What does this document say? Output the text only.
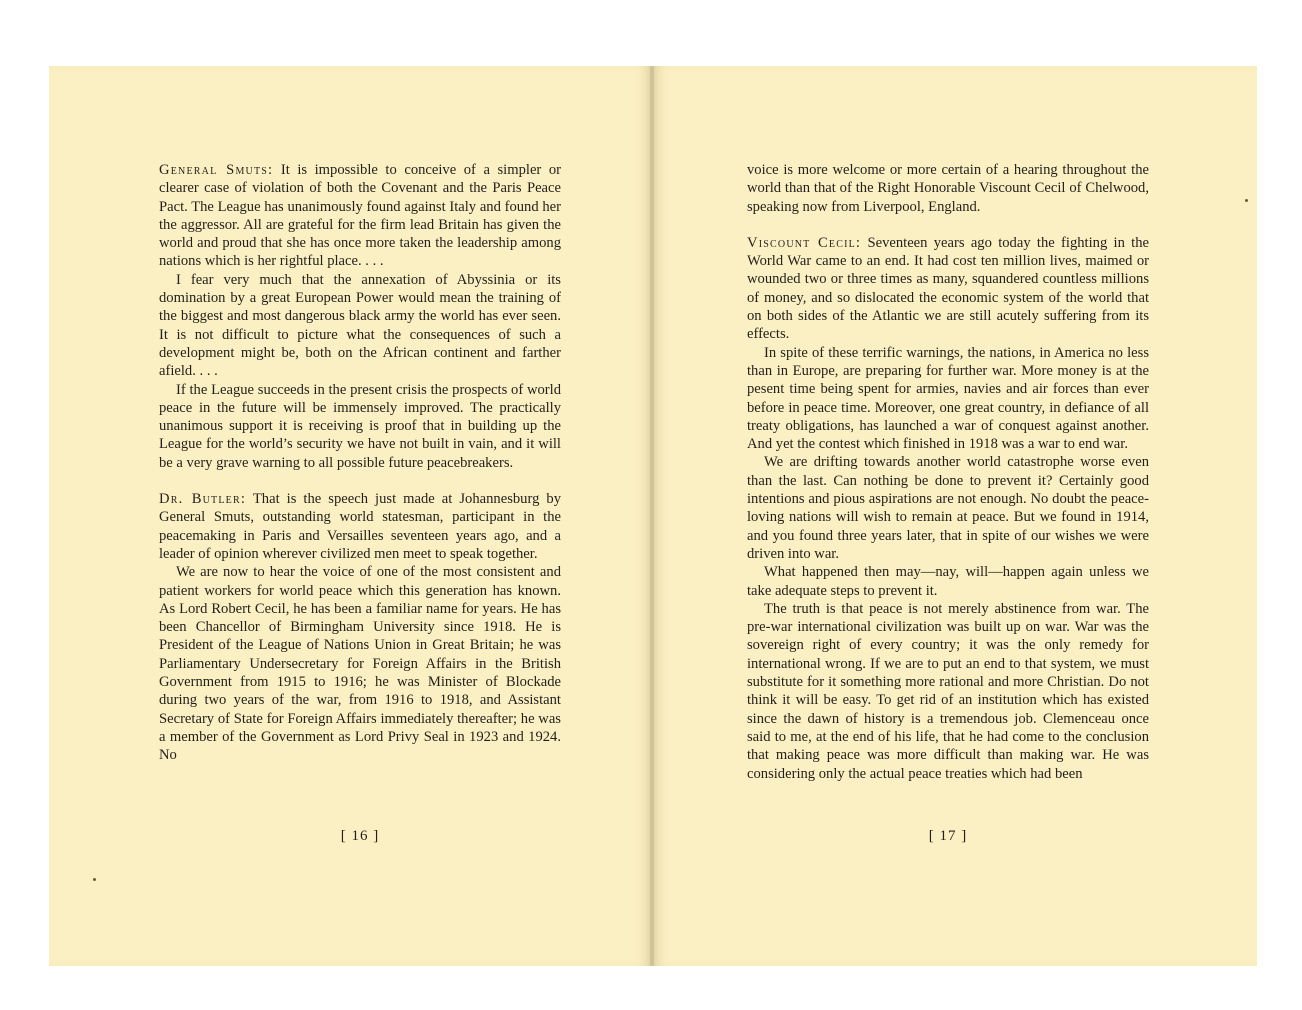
General Smuts: It is impossible to conceive of a simpler or clearer case of violation of both the Covenant and the Paris Peace Pact. The League has unanimously found against Italy and found her the aggressor. All are grateful for the firm lead Britain has given the world and proud that she has once more taken the leadership among nations which is her rightful place. . . .

I fear very much that the annexation of Abyssinia or its domination by a great European Power would mean the training of the biggest and most dangerous black army the world has ever seen. It is not difficult to picture what the consequences of such a development might be, both on the African continent and farther afield. . . .

If the League succeeds in the present crisis the prospects of world peace in the future will be immensely improved. The practically unanimous support it is receiving is proof that in building up the League for the world’s security we have not built in vain, and it will be a very grave warning to all possible future peacebreakers.

Dr. Butler: That is the speech just made at Johannesburg by General Smuts, outstanding world statesman, participant in the peacemaking in Paris and Versailles seventeen years ago, and a leader of opinion wherever civilized men meet to speak together.

We are now to hear the voice of one of the most consistent and patient workers for world peace which this generation has known. As Lord Robert Cecil, he has been a familiar name for years. He has been Chancellor of Birmingham University since 1918. He is President of the League of Nations Union in Great Britain; he was Parliamentary Undersecretary for Foreign Affairs in the British Government from 1915 to 1916; he was Minister of Blockade during two years of the war, from 1916 to 1918, and Assistant Secretary of State for Foreign Affairs immediately thereafter; he was a member of the Government as Lord Privy Seal in 1923 and 1924. No

[ 16 ]

voice is more welcome or more certain of a hearing throughout the world than that of the Right Honorable Viscount Cecil of Chelwood, speaking now from Liverpool, England.

Viscount Cecil: Seventeen years ago today the fighting in the World War came to an end. It had cost ten million lives, maimed or wounded two or three times as many, squandered countless millions of money, and so dislocated the economic system of the world that on both sides of the Atlantic we are still acutely suffering from its effects.

In spite of these terrific warnings, the nations, in America no less than in Europe, are preparing for further war. More money is at the pesent time being spent for armies, navies and air forces than ever before in peace time. Moreover, one great country, in defiance of all treaty obligations, has launched a war of conquest against another. And yet the contest which finished in 1918 was a war to end war.

We are drifting towards another world catastrophe worse even than the last. Can nothing be done to prevent it? Certainly good intentions and pious aspirations are not enough. No doubt the peace-loving nations will wish to remain at peace. But we found in 1914, and you found three years later, that in spite of our wishes we were driven into war.

What happened then may—nay, will—happen again unless we take adequate steps to prevent it.

The truth is that peace is not merely abstinence from war. The pre-war international civilization was built up on war. War was the sovereign right of every country; it was the only remedy for international wrong. If we are to put an end to that system, we must substitute for it something more rational and more Christian. Do not think it will be easy. To get rid of an institution which has existed since the dawn of history is a tremendous job. Clemenceau once said to me, at the end of his life, that he had come to the conclusion that making peace was more difficult than making war. He was considering only the actual peace treaties which had been

[ 17 ]
